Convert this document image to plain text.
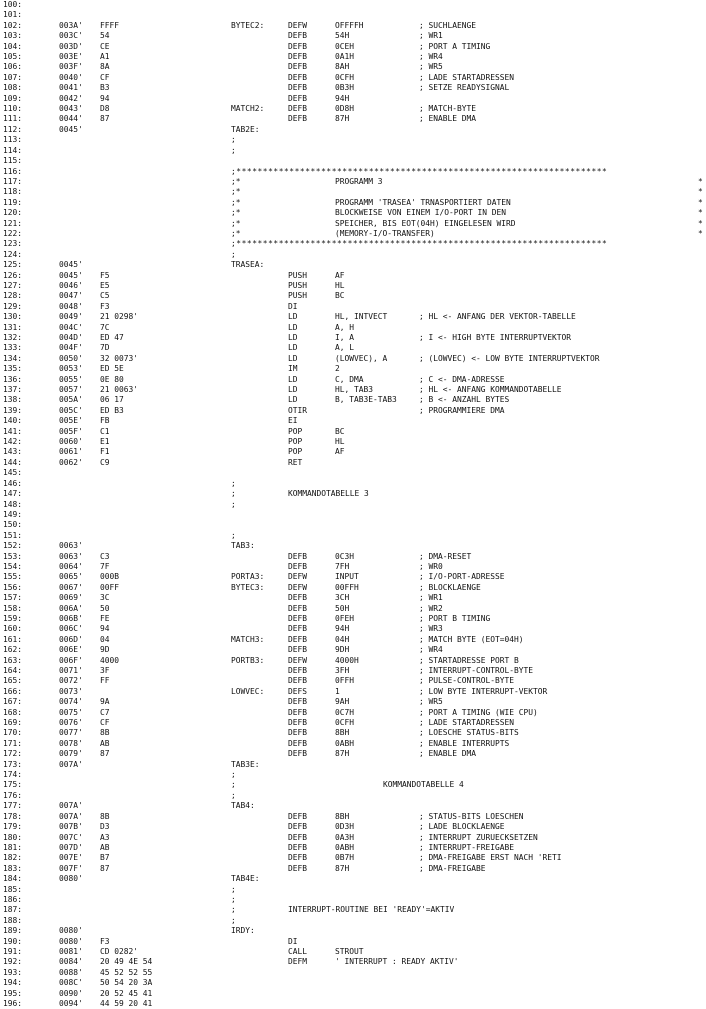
100:
101:
102:	003A' FFFF	BYTEC2:	DEFW	OFFFFH	; SUCHLAENGE
103:	003C' 54	DEFB	54H	; WR1
104:	003D' CE	DEFB	0CEH	; PORT A TIMING
105:	003E' A1	DEFB	0A1H	; WR4
106:	003F' 8A	DEFB	8AH	; WR5
107:	0040' CF	DEFB	0CFH	; LADE STARTADRESSEN
108:	0041' B3	DEFB	0B3H	; SETZE READYSIGNAL
109:	0042' 94	DEFB	94H
110:	0043' D8	MATCH2:	DEFB	0D8H	; MATCH-BYTE
111:	0044' 87	DEFB	87H	; ENABLE DMA
112:	0045'	TAB2E:
113:	;
114:	;
115:
116:	;**********************************************************************
117:	;*	PROGRAMM 3	*
118:	;*	*
119:	;*	PROGRAMM 'TRASEA' TRNASPORTIERT DATEN	*
120:	;*	BLOCKWEISE VON EINEM I/O-PORT IN DEN	*
121:	;*	SPEICHER, BIS EOT(04H) EINGELESEN WIRD	*
122:	;*	(MEMORY-I/O-TRANSFER)	*
123:	;**********************************************************************
124:	;
125:	0045'	TRASEA:
126:	0045' F5	PUSH	AF
127:	0046' E5	PUSH	HL
128:	0047' C5	PUSH	BC
129:	0048' F3	DI
130:	0049' 21 0298'	LD	HL, INTVECT	; HL <- ANFANG DER VEKTOR-TABELLE
131:	004C' 7C	LD	A, H
132:	004D' ED 47	LD	I, A	; I <- HIGH BYTE INTERRUPTVEKTOR
133:	004F' 7D	LD	A, L
134:	0050' 32 0073'	LD	(LOWVEC), A	; (LOWVEC) <- LOW BYTE INTERRUPTVEKTOR
135:	0053' ED 5E	IM	2
136:	0055' 0E 80	LD	C, DMA	; C <- DMA-ADRESSE
137:	0057' 21 0063'	LD	HL, TAB3	; HL <- ANFANG KOMMANDOTABELLE
138:	005A' 06 17	LD	B, TAB3E-TAB3	; B <- ANZAHL BYTES
139:	005C' ED B3	OTIR	; PROGRAMMIERE DMA
140:	005E' FB	EI
141:	005F' C1	POP	BC
142:	0060' E1	POP	HL
143:	0061' F1	POP	AF
144:	0062' C9	RET
145:
146:	;
147:	;	KOMMANDOTABELLE 3
148:	;
149:
150:
151:	;
152:	0063'	TAB3:
153:	0063' C3	DEFB	0C3H	; DMA-RESET
154:	0064' 7F	DEFB	7FH	; WR0
155:	0065' 000B	PORTA3:	DEFW	INPUT	; I/O-PORT-ADRESSE
156:	0067' 00FF	BYTEC3:	DEFW	00FFH	; BLOCKLAENGE
157:	0069' 3C	DEFB	3CH	; WR1
158:	006A' 50	DEFB	50H	; WR2
159:	006B' FE	DEFB	0FEH	; PORT B TIMING
160:	006C' 94	DEFB	94H	; WR3
161:	006D' 04	MATCH3:	DEFB	04H	; MATCH BYTE (EOT=04H)
162:	006E' 9D	DEFB	9DH	; WR4
163:	006F' 4000	PORTB3:	DEFW	4000H	; STARTADRESSE PORT B
164:	0071' 3F	DEFB	3FH	; INTERRUPT-CONTROL-BYTE
165:	0072' FF	DEFB	0FFH	; PULSE-CONTROL-BYTE
166:	0073'	LOWVEC:	DEFS	1	; LOW BYTE INTERRUPT-VEKTOR
167:	0074' 9A	DEFB	9AH	; WR5
168:	0075' C7	DEFB	0C7H	; PORT A TIMING (WIE CPU)
169:	0076' CF	DEFB	0CFH	; LADE STARTADRESSEN
170:	0077' 8B	DEFB	8BH	; LOESCHE STATUS-BITS
171:	0078' AB	DEFB	0ABH	; ENABLE INTERRUPTS
172:	0079' 87	DEFB	87H	; ENABLE DMA
173:	007A'	TAB3E:
174:	;
175:	;	KOMMANDOTABELLE 4
176:	;
177:	007A'	TAB4:
178:	007A' 8B	DEFB	8BH	; STATUS-BITS LOESCHEN
179:	007B' D3	DEFB	0D3H	; LADE BLOCKLAENGE
180:	007C' A3	DEFB	0A3H	; INTERRUPT ZURUECKSETZEN
181:	007D' AB	DEFB	0ABH	; INTERRUPT-FREIGABE
182:	007E' B7	DEFB	0B7H	; DMA-FREIGABE ERST NACH 'RETI
183:	007F' 87	DEFB	87H	; DMA-FREIGABE
184:	0080'	TAB4E:
185:	;
186:	;
187:	;	INTERRUPT-ROUTINE BEI 'READY'=AKTIV
188:	;
189:	0080'	IRDY:
190:	0080' F3	DI
191:	0081' CD 0282'	CALL	STROUT
192:	0084' 20 49 4E 54	DEFM	' INTERRUPT : READY AKTIV'
193:	0088' 45 52 52 55
194:	008C' 50 54 20 3A
195:	0090' 20 52 45 41
196:	0094' 44 59 20 41
